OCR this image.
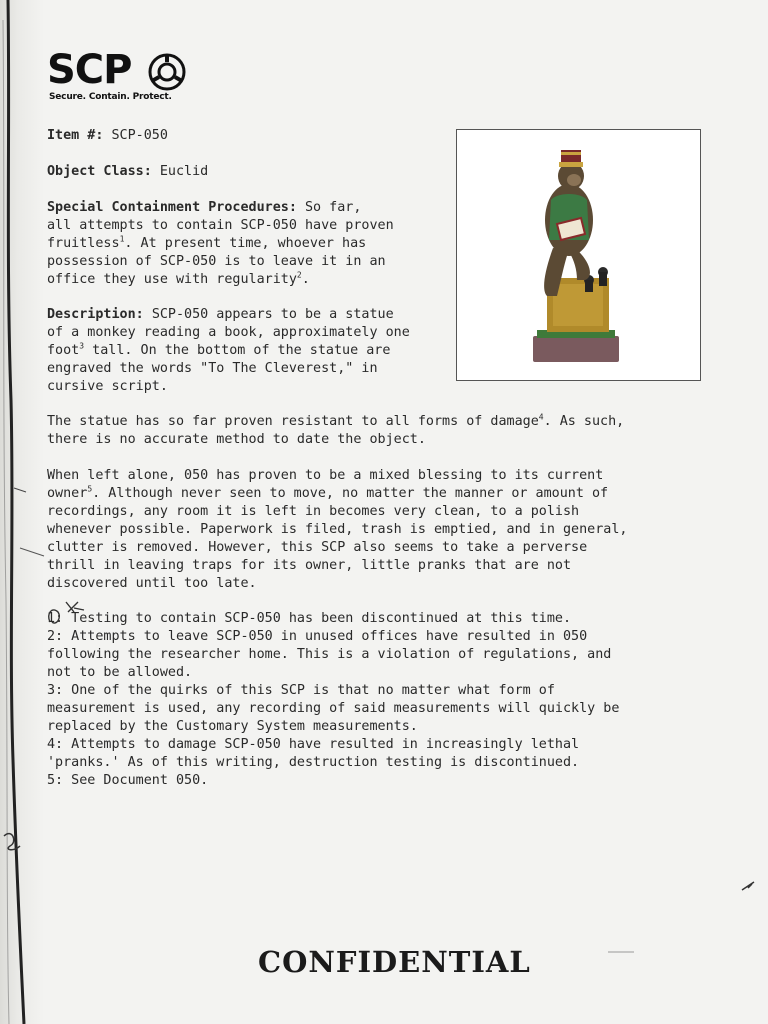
SCP
Secure. Contain. Protect.
Item #: SCP-050
Object Class: Euclid
Special Containment Procedures: So far,
all attempts to contain SCP-050 have proven
fruitless$^1$. At present time, whoever has
possession of SCP-050 is to leave it in an
office they use with regularity$^2$.
Description: SCP-050 appears to be a statue
of a monkey reading a book, approximately one
foot$^3$ tall. On the bottom of the statue are
engraved the words "To The Cleverest," in
cursive script.
The statue has so far proven resistant to all forms of damage$^4$. As such,
there is no accurate method to date the object.
When left alone, 050 has proven to be a mixed blessing to its current
owner$^5$. Although never seen to move, no matter the manner or amount of
recordings, any room it is left in becomes very clean, to a polish
whenever possible. Paperwork is filed, trash is emptied, and in general,
clutter is removed. However, this SCP also seems to take a perverse
thrill in leaving traps for its owner, little pranks that are not
discovered until too late.
1: Testing to contain SCP-050 has been discontinued at this time.
2: Attempts to leave SCP-050 in unused offices have resulted in 050
following the researcher home. This is a violation of regulations, and
not to be allowed.
3: One of the quirks of this SCP is that no matter what form of
measurement is used, any recording of said measurements will quickly be
replaced by the Customary System measurements.
4: Attempts to damage SCP-050 have resulted in increasingly lethal
'pranks.' As of this writing, destruction testing is discontinued.
5: See Document 050.
CONFIDENTIAL
